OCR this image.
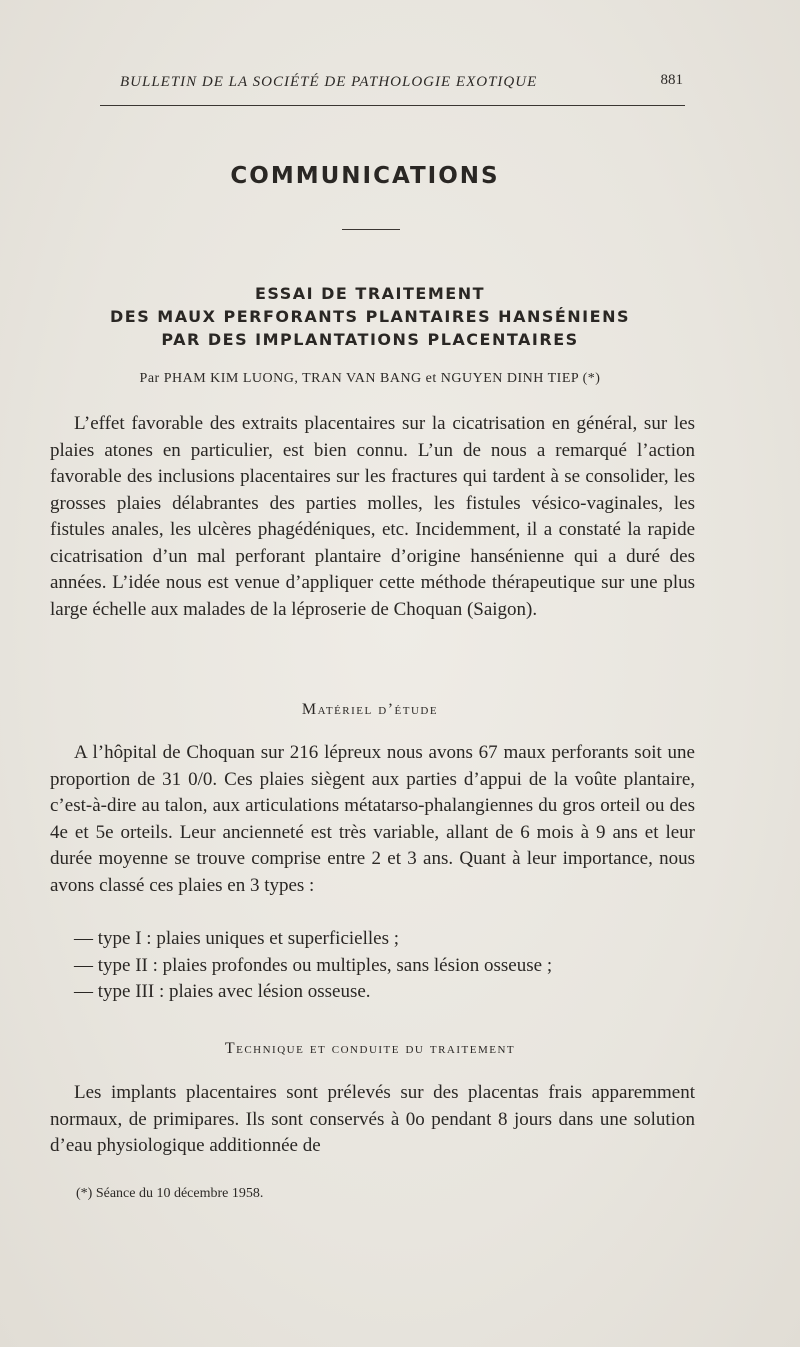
BULLETIN DE LA SOCIÉTÉ DE PATHOLOGIE EXOTIQUE	881
COMMUNICATIONS
ESSAI DE TRAITEMENT
DES MAUX PERFORANTS PLANTAIRES HANSÉNIENS
PAR DES IMPLANTATIONS PLACENTAIRES
Par PHAM KIM LUONG, TRAN VAN BANG et NGUYEN DINH TIEP (*)

L’effet favorable des extraits placentaires sur la cicatrisation en général, sur les plaies atones en particulier, est bien connu. L’un de nous a remarqué l’action favorable des inclusions placentaires sur les fractures qui tardent à se consolider, les grosses plaies délabrantes des parties molles, les fistules vésico-vaginales, les fistules anales, les ulcères phagédéniques, etc. Incidemment, il a constaté la rapide cicatrisation d’un mal perforant plantaire d’origine hansénienne qui a duré des années. L’idée nous est venue d’appliquer cette méthode thérapeutique sur une plus large échelle aux malades de la léproserie de Choquan (Saigon).

Matériel d’étude

A l’hôpital de Choquan sur 216 lépreux nous avons 67 maux perforants soit une proportion de 31 0/0. Ces plaies siègent aux parties d’appui de la voûte plantaire, c’est-à-dire au talon, aux articulations métatarso-phalangiennes du gros orteil ou des 4e et 5e orteils. Leur ancienneté est très variable, allant de 6 mois à 9 ans et leur durée moyenne se trouve comprise entre 2 et 3 ans. Quant à leur importance, nous avons classé ces plaies en 3 types :

— type I : plaies uniques et superficielles ;
— type II : plaies profondes ou multiples, sans lésion osseuse ;
— type III : plaies avec lésion osseuse.
Technique et conduite du traitement

Les implants placentaires sont prélevés sur des placentas frais apparemment normaux, de primipares. Ils sont conservés à 0o pendant 8 jours dans une solution d’eau physiologique additionnée de

(*) Séance du 10 décembre 1958.
